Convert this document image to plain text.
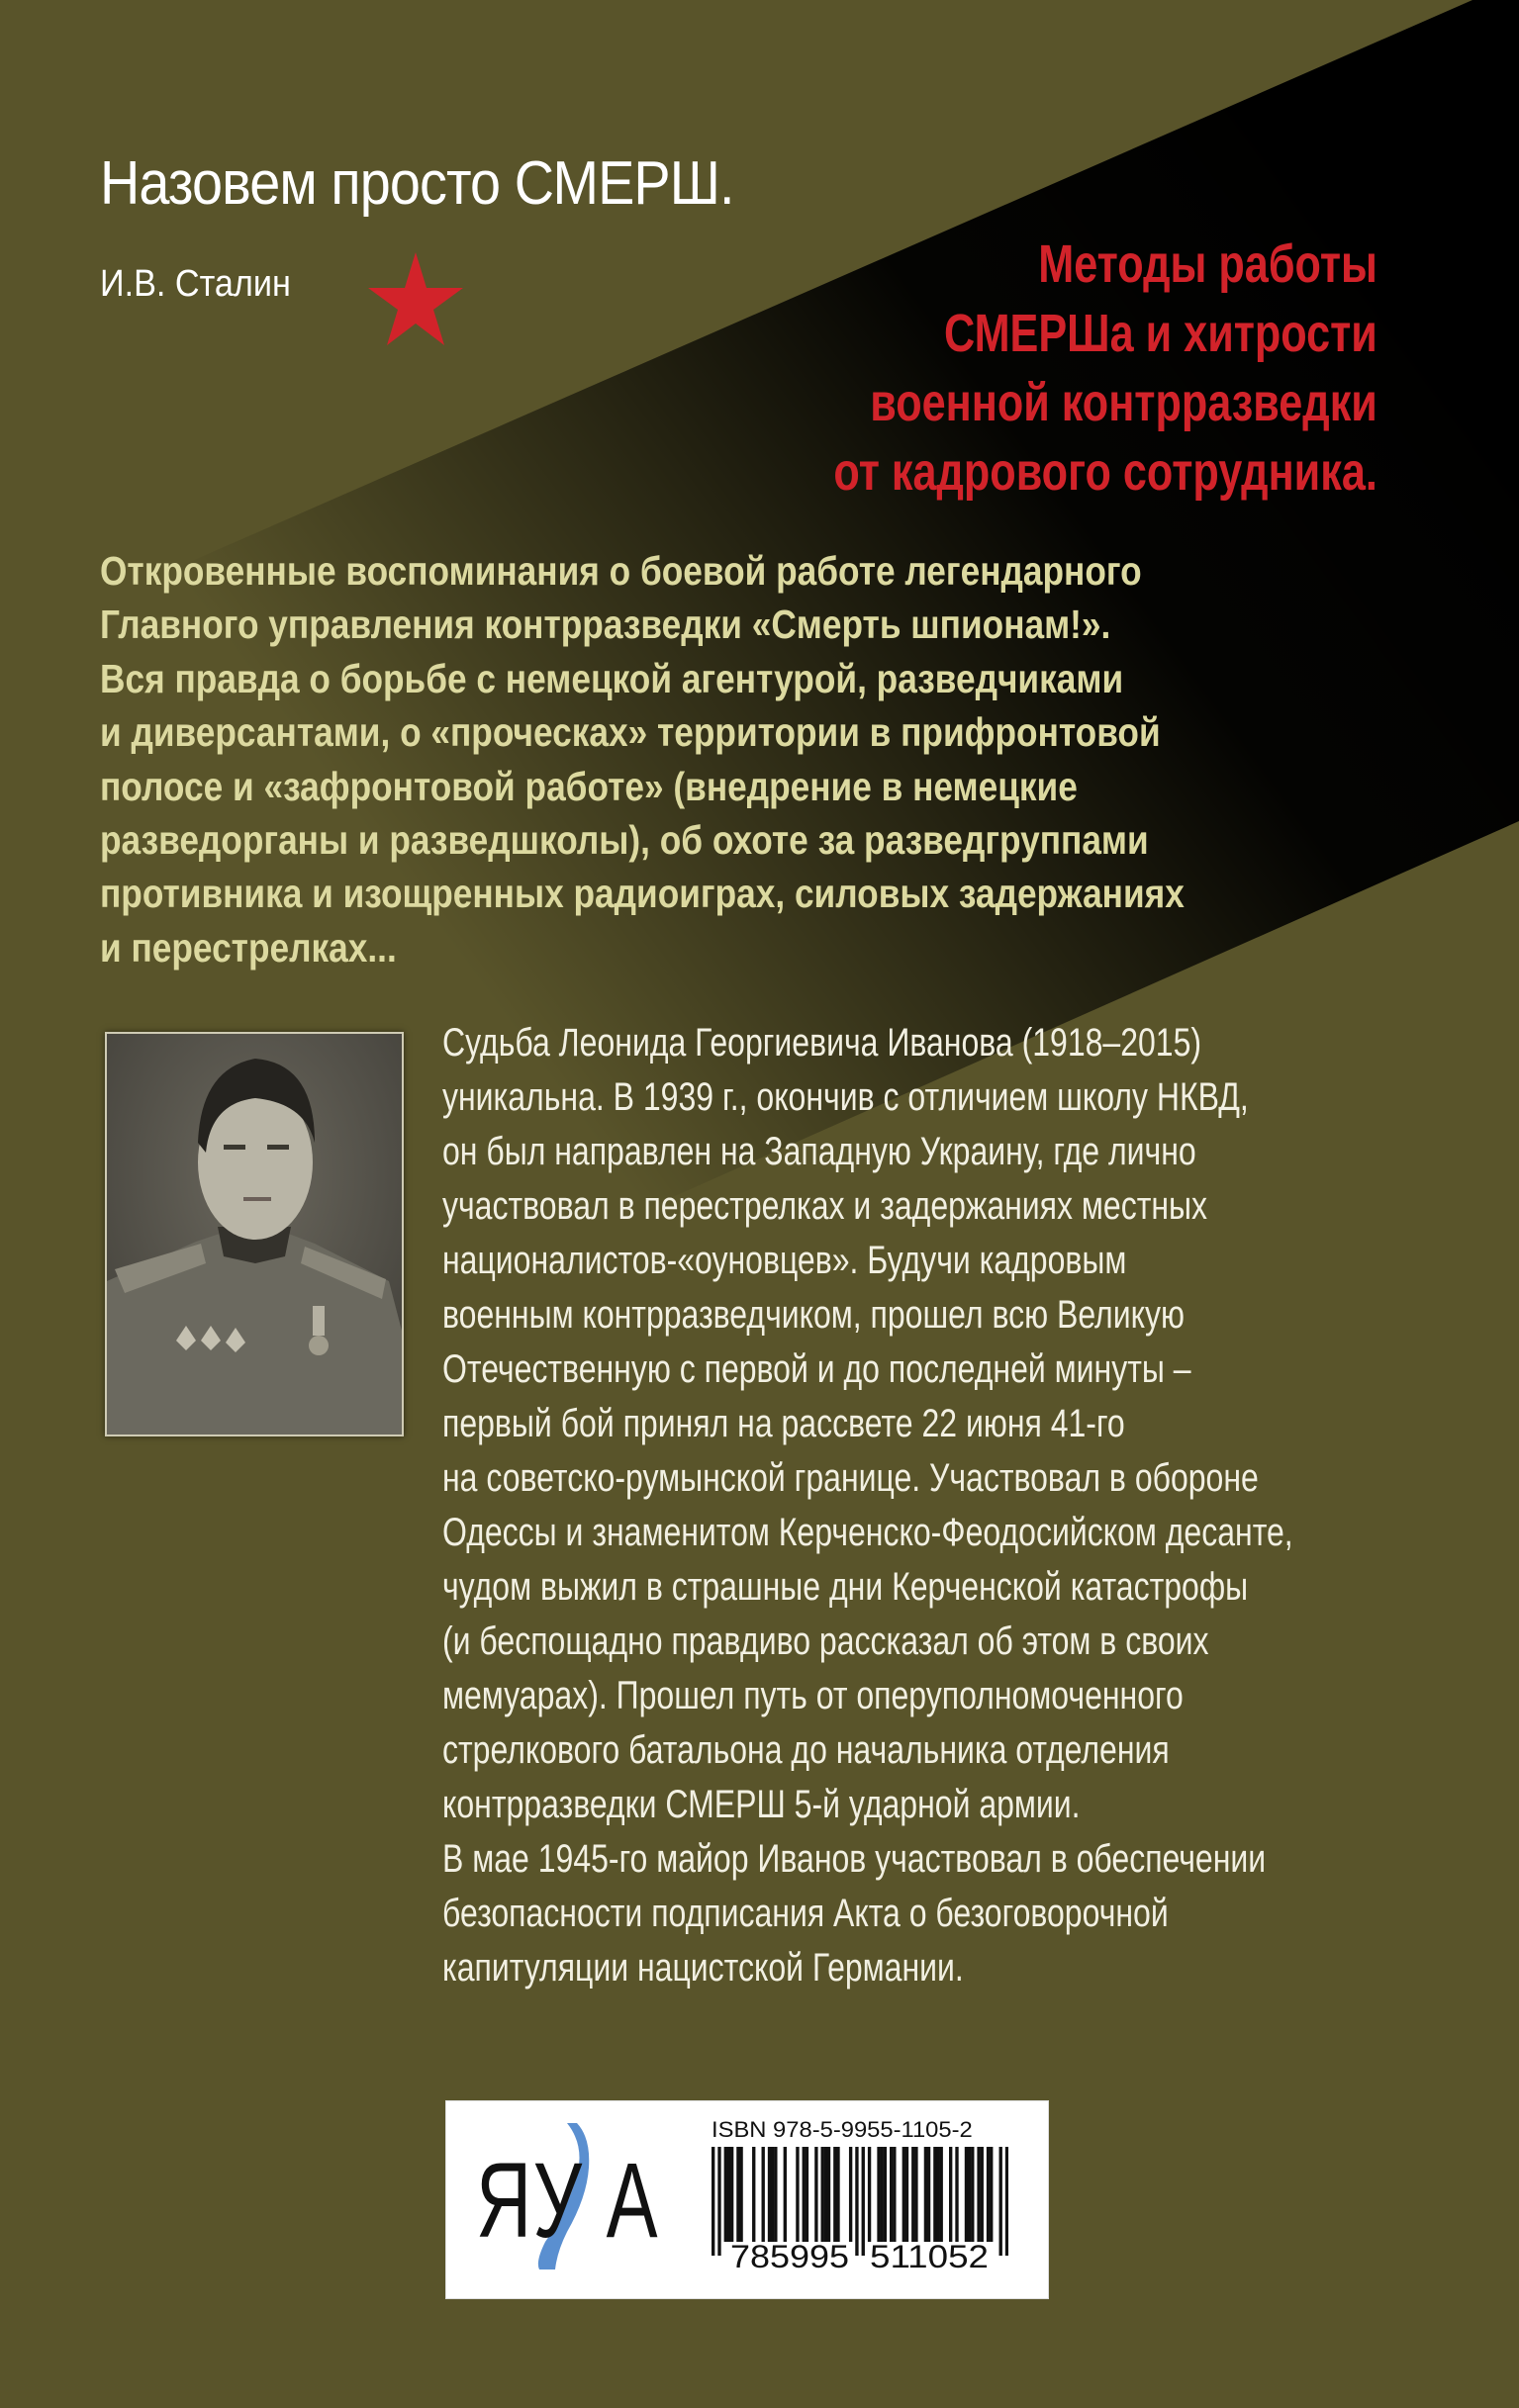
Назовем просто СМЕРШ.
И.В. Сталин	Методы работы
СМЕРШа и хитрости
военной контрразведки
от кадрового сотрудника.
Откровенные воспоминания о боевой работе легендарного
Главного управления контрразведки «Смерть шпионам!».
Вся правда о борьбе с немецкой агентурой, разведчиками
и диверсантами, о «проческах» территории в прифронтовой
полосе и «зафронтовой работе» (внедрение в немецкие
разведорганы и разведшколы), об охоте за разведгруппами
противника и изощренных радиоиграх, силовых задержаниях
и перестрелках...
Судьба Леонида Георгиевича Иванова (1918–2015)
уникальна. В 1939 г., окончив с отличием школу НКВД,
он был направлен на Западную Украину, где лично
участвовал в перестрелках и задержаниях местных
националистов-«оуновцев». Будучи кадровым
военным контрразведчиком, прошел всю Великую
Отечественную с первой и до последней минуты –
первый бой принял на рассвете 22 июня 41-го
на советско-румынской границе. Участвовал в обороне
Одессы и знаменитом Керченско-Феодосийском десанте,
чудом выжил в страшные дни Керченской катастрофы
(и беспощадно правдиво рассказал об этом в своих
мемуарах). Прошел путь от оперуполномоченного
стрелкового батальона до начальника отделения
контрразведки СМЕРШ 5-й ударной армии.
В мае 1945-го майор Иванов участвовал в обеспечении
безопасности подписания Акта о безоговорочной
капитуляции нацистской Германии.
ЯУ А
ISBN 978-5-9955-1105-2
785995 511052
